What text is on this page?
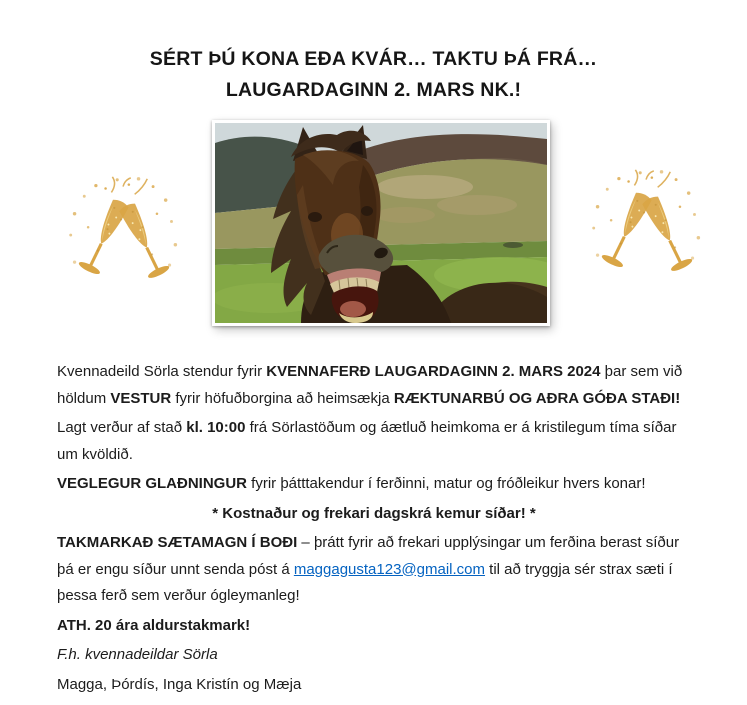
SÉRT ÞÚ KONA EÐA KVÁR… TAKTU ÞÁ FRÁ…
LAUGARDAGINN 2. MARS NK.!

Kvennadeild Sörla stendur fyrir KVENNAFERÐ LAUGARDAGINN 2. MARS 2024 þar sem við höldum VESTUR fyrir höfuðborgina að heimsækja RÆKTUNARBÚ OG AÐRA GÓÐA STAÐI!

Lagt verður af stað kl. 10:00 frá Sörlastöðum og áætluð heimkoma er á kristilegum tíma síðar um kvöldið.

VEGLEGUR GLAÐNINGUR fyrir þátttakendur í ferðinni, matur og fróðleikur hvers konar!

* Kostnaður og frekari dagskrá kemur síðar! *

TAKMARKAÐ SÆTAMAGN Í BOÐI – þrátt fyrir að frekari upplýsingar um ferðina berast síður þá er engu síður unnt senda póst á maggagusta123@gmail.com til að tryggja sér strax sæti í þessa ferð sem verður ógleymanleg!

ATH. 20 ára aldurstakmark!

F.h. kvennadeildar Sörla

Magga, Þórdís, Inga Kristín og Mæja
